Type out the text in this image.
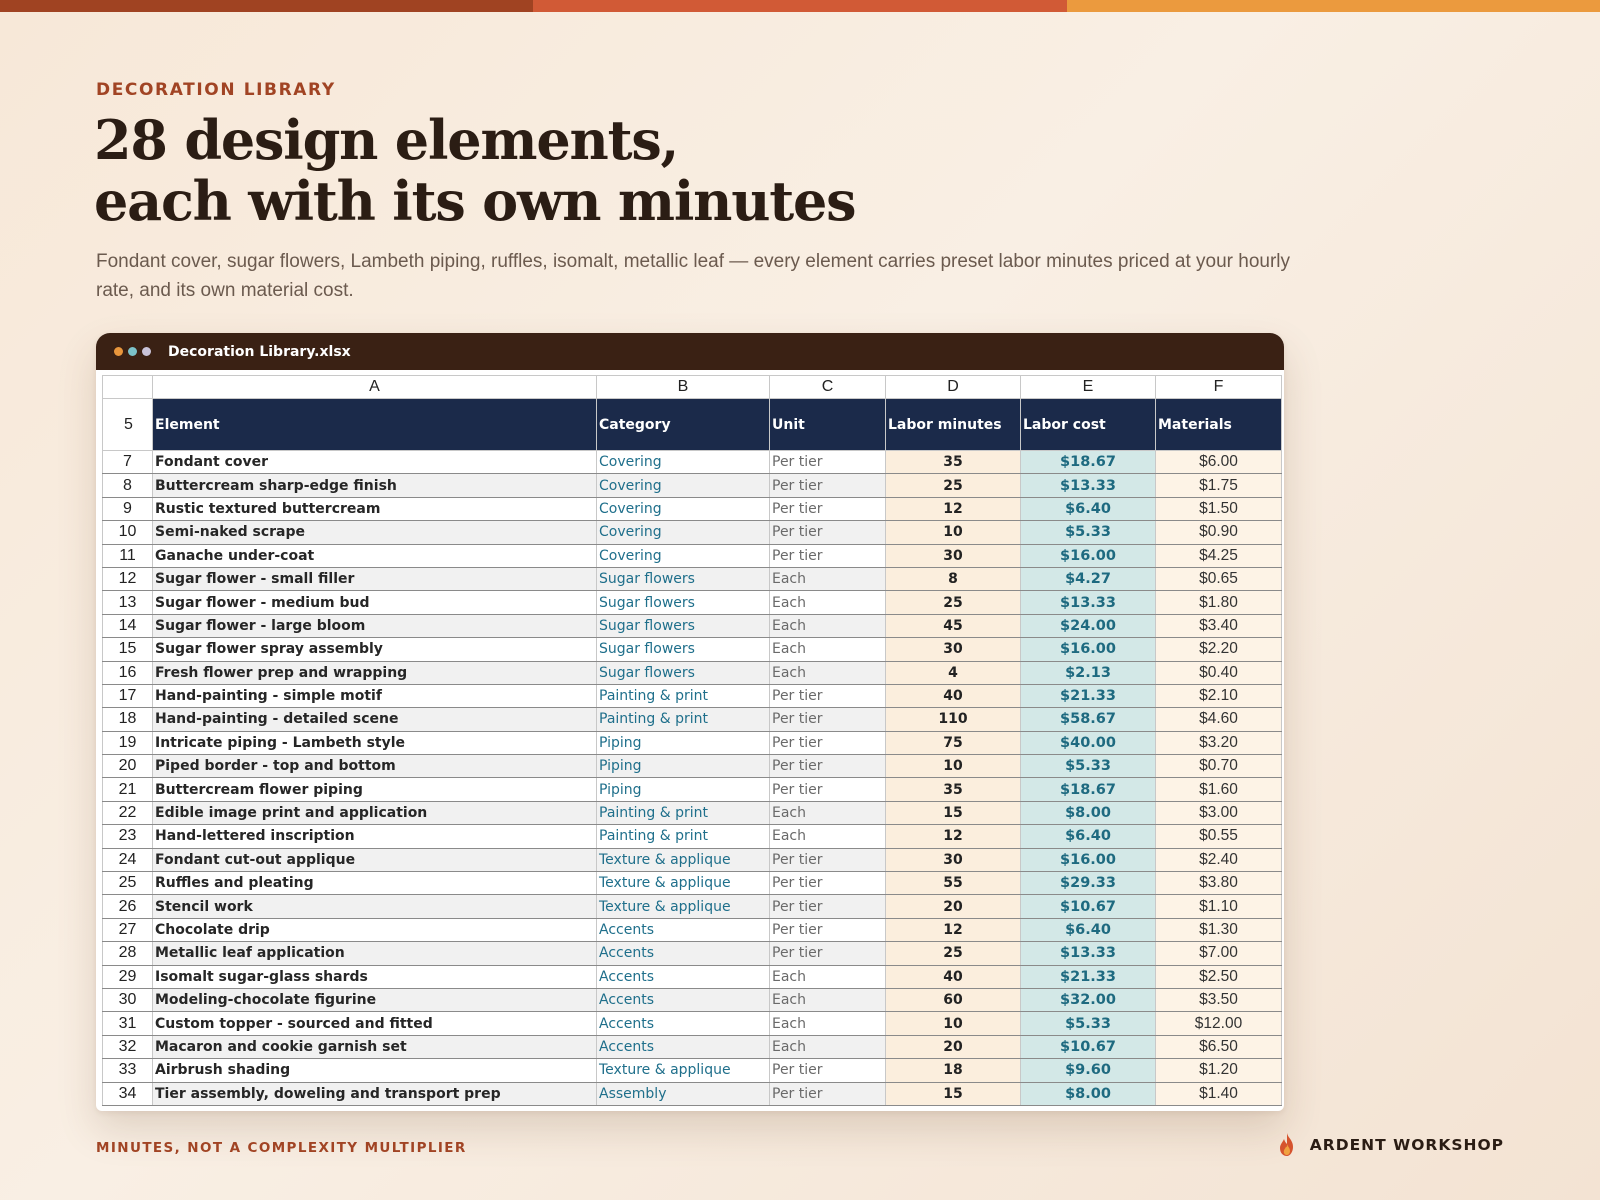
DECORATION LIBRARY
28 design elements,
each with its own minutes

Fondant cover, sugar flowers, Lambeth piping, ruffles, isomalt, metallic leaf — every element carries preset labor minutes priced at your hourly rate, and its own material cost.

Decoration Library.xlsx
	A	B	C	D	E	F
5	Element	Category	Unit	Labor minutes	Labor cost	Materials
7	Fondant cover	Covering	Per tier	35	$18.67	$6.00
8	Buttercream sharp-edge finish	Covering	Per tier	25	$13.33	$1.75
9	Rustic textured buttercream	Covering	Per tier	12	$6.40	$1.50
10	Semi-naked scrape	Covering	Per tier	10	$5.33	$0.90
11	Ganache under-coat	Covering	Per tier	30	$16.00	$4.25
12	Sugar flower - small filler	Sugar flowers	Each	8	$4.27	$0.65
13	Sugar flower - medium bud	Sugar flowers	Each	25	$13.33	$1.80
14	Sugar flower - large bloom	Sugar flowers	Each	45	$24.00	$3.40
15	Sugar flower spray assembly	Sugar flowers	Each	30	$16.00	$2.20
16	Fresh flower prep and wrapping	Sugar flowers	Each	4	$2.13	$0.40
17	Hand-painting - simple motif	Painting & print	Per tier	40	$21.33	$2.10
18	Hand-painting - detailed scene	Painting & print	Per tier	110	$58.67	$4.60
19	Intricate piping - Lambeth style	Piping	Per tier	75	$40.00	$3.20
20	Piped border - top and bottom	Piping	Per tier	10	$5.33	$0.70
21	Buttercream flower piping	Piping	Per tier	35	$18.67	$1.60
22	Edible image print and application	Painting & print	Each	15	$8.00	$3.00
23	Hand-lettered inscription	Painting & print	Each	12	$6.40	$0.55
24	Fondant cut-out applique	Texture & applique	Per tier	30	$16.00	$2.40
25	Ruffles and pleating	Texture & applique	Per tier	55	$29.33	$3.80
26	Stencil work	Texture & applique	Per tier	20	$10.67	$1.10
27	Chocolate drip	Accents	Per tier	12	$6.40	$1.30
28	Metallic leaf application	Accents	Per tier	25	$13.33	$7.00
29	Isomalt sugar-glass shards	Accents	Each	40	$21.33	$2.50
30	Modeling-chocolate figurine	Accents	Each	60	$32.00	$3.50
31	Custom topper - sourced and fitted	Accents	Each	10	$5.33	$12.00
32	Macaron and cookie garnish set	Accents	Each	20	$10.67	$6.50
33	Airbrush shading	Texture & applique	Per tier	18	$9.60	$1.20
34	Tier assembly, doweling and transport prep	Assembly	Per tier	15	$8.00	$1.40
MINUTES, NOT A COMPLEXITY MULTIPLIER	ARDENT WORKSHOP
